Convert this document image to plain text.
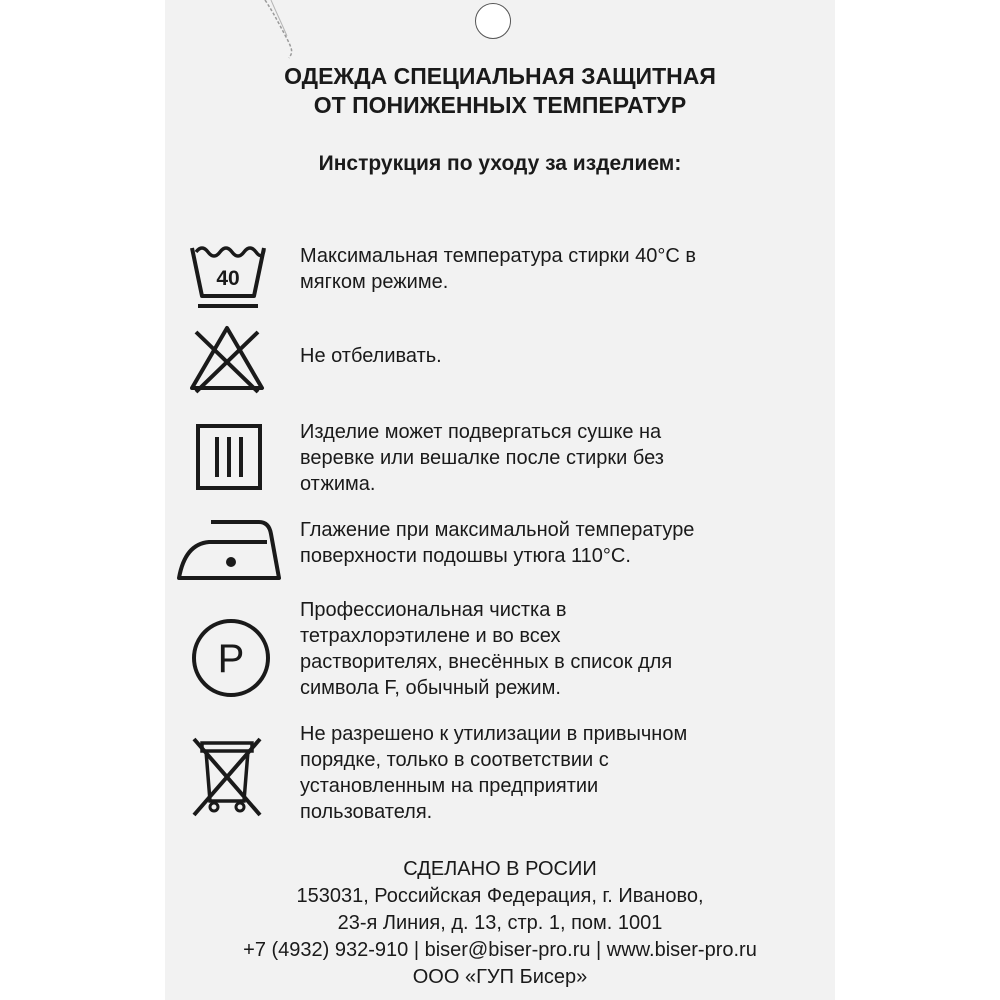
ОДЕЖДА СПЕЦИАЛЬНАЯ ЗАЩИТНАЯ
ОТ ПОНИЖЕННЫХ ТЕМПЕРАТУР
Инструкция по уходу за изделием:
40
Максимальная температура стирки 40°С в
мягком режиме.
Не отбеливать.
Изделие может подвергаться сушке на
веревке или вешалке после стирки без
отжима.
Глажение при максимальной температуре
поверхности подошвы утюга 110°С.
P
Профессиональная чистка в
тетрахлорэтилене и во всех
растворителях, внесённых в список для
символа F, обычный режим.
Не разрешено к утилизации в привычном
порядке, только в соответствии с
установленным на предприятии
пользователя.
СДЕЛАНО В РОСИИ
153031, Российская Федерация, г. Иваново,
23-я Линия, д. 13, стр. 1, пом. 1001
+7 (4932) 932-910 | biser@biser-pro.ru | www.biser-pro.ru
ООО «ГУП Бисер»
